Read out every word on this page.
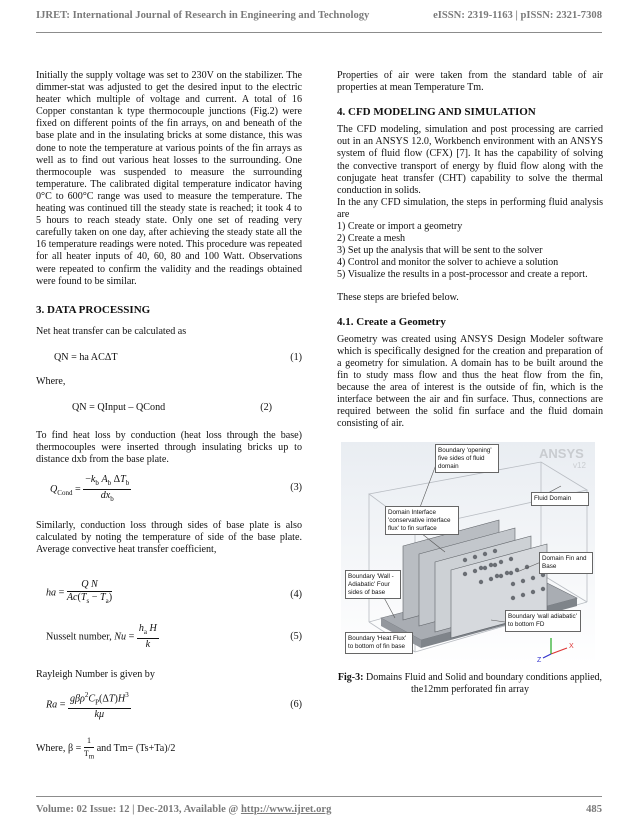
IJRET: International Journal of Research in Engineering and Technology	eISSN: 2319-1163 | pISSN: 2321-7308

Initially the supply voltage was set to 230V on the stabilizer. The dimmer-stat was adjusted to get the desired input to the electric heater which multiple of voltage and current. A total of 16 Copper constantan k type thermocouple junctions (Fig.2) were fixed on different points of the fin arrays, on and beneath of the base plate and in the insulating bricks at some distance, this was done to note the temperature at various points of the fin arrays as well as to find out various heat losses to the surrounding. One thermocouple was suspended to measure the surrounding temperature. The calibrated digital temperature indicator having 0°C to 600°C range was used to measure the temperature. The heating was continued till the steady state is reached; it took 4 to 5 hours to reach steady state. Only one set of reading very carefully taken on one day, after achieving the steady state all the 16 temperature readings were noted. This procedure was repeated for all heater inputs of 40, 60, 80 and 100 Watt. Observations were repeated to confirm the validity and the readings obtained were found to be similar.

3. DATA PROCESSING

Net heat transfer can be calculated as

QN = ha ACΔT	(1)

Where,

QN = QInput – QCond	(2)

To find heat loss by conduction (heat loss through the base) thermocouples were inserted through insulating bricks up to distance dxb from the base plate.

$Q_{Cond} = \frac{-k_b A_b \Delta T_b}{dx_b}$	(3)

Similarly, conduction loss through sides of base plate is also calculated by noting the temperature of side of the base plate. Average convective heat transfer coefficient,

ha = $\frac{\text{Q N}}{Ac(T_s - T_a)}$	(4)
Nusselt number, $Nu = \frac{h_a H}{k}$	(5)

Rayleigh Number is given by

$Ra = \frac{g\beta\rho^2C_P(\Delta T)H^3}{k\mu}$	(6)
Where, $\beta = \frac{1}{T_m}$ and Tm= (Ts+Ta)/2

Properties of air were taken from the standard table of air properties at mean Temperature Tm.

4. CFD MODELING AND SIMULATION

The CFD modeling, simulation and post processing are carried out in an ANSYS 12.0, Workbench environment with an ANSYS system of fluid flow (CFX) [7]. It has the capability of solving the convective transport of energy by fluid flow along with the conjugate heat transfer (CHT) capability to solve the thermal conduction in solids.

In the any CFD simulation, the steps in performing fluid analysis are

1) Create or import a geometry
2) Create a mesh
3) Set up the analysis that will be sent to the solver
4) Control and monitor the solver to achieve a solution
5) Visualize the results in a post-processor and create a report.

These steps are briefed below.

4.1. Create a Geometry

Geometry was created using ANSYS Design Modeler software which is specifically designed for the creation and preparation of a geometry for simulation. A domain has to be built around the fin to study mass flow and thus the heat flow from the fin, because the area of interest is the outside of fin, which is the interface between the air and fin surface. Thus, connections are required between the solid fin surface and the fluid domain consisting of air.

ANSYS
v12
X
Z
Boundary 'opening' five sides of fluid domain
Fluid Domain
Domain Interface 'conservative interface flux' to fin surface
Domain Fin and Base
Boundary 'Wall - Adiabatic' Four sides of base
Boundary 'wall adiabatic' to bottom FD
Boundary 'Heat Flux' to bottom of fin base

Fig-3: Domains Fluid and Solid and boundary conditions applied, the12mm perforated fin array

Volume: 02 Issue: 12 | Dec-2013, Available @ http://www.ijret.org	485
